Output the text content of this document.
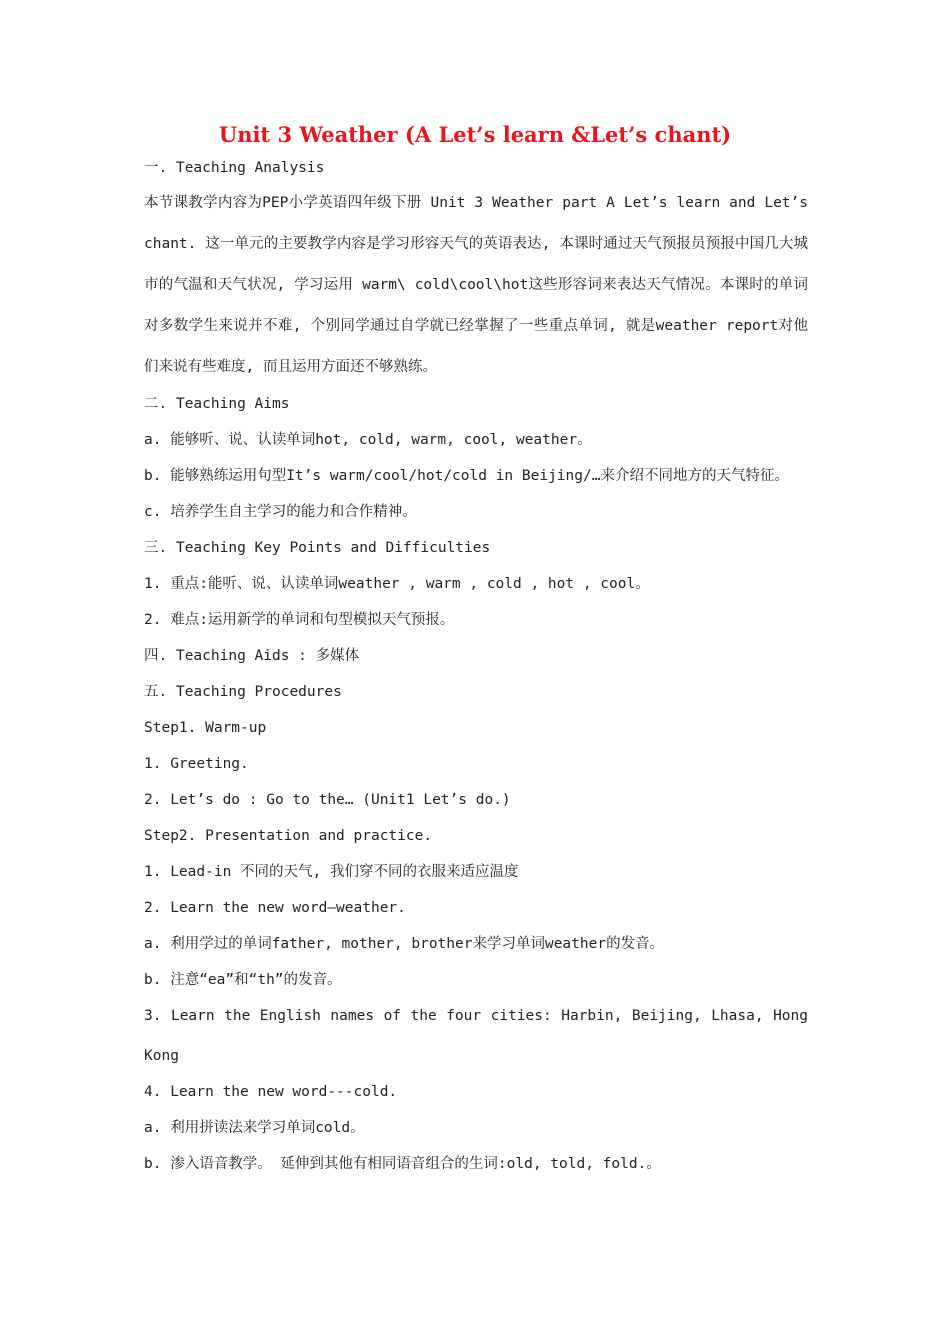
Unit 3 Weather (A Let’s learn &Let’s chant)
一. Teaching Analysis
本节课教学内容为PEP小学英语四年级下册 Unit 3 Weather part A Let’s learn and Let’s chant. 这一单元的主要教学内容是学习形容天气的英语表达, 本课时通过天气预报员预报中国几大城市的气温和天气状况, 学习运用 warm\ cold\cool\hot这些形容词来表达天气情况。本课时的单词对多数学生来说并不难, 个别同学通过自学就已经掌握了一些重点单词, 就是weather report对他们来说有些难度, 而且运用方面还不够熟练。
二. Teaching Aims
a. 能够听、说、认读单词hot, cold, warm, cool, weather。
b. 能够熟练运用句型It’s warm/cool/hot/cold in Beijing/…来介绍不同地方的天气特征。
c. 培养学生自主学习的能力和合作精神。
三. Teaching Key Points and Difficulties
1. 重点:能听、说、认读单词weather , warm , cold , hot , cool。
2. 难点:运用新学的单词和句型模拟天气预报。
四. Teaching Aids : 多媒体
五. Teaching Procedures
Step1. Warm-up
1. Greeting.
2. Let’s do : Go to the… (Unit1 Let’s do.)
Step2. Presentation and practice.
1. Lead-in 不同的天气, 我们穿不同的衣服来适应温度
2. Learn the new word—weather.
a. 利用学过的单词father, mother, brother来学习单词weather的发音。
b. 注意“ea”和“th”的发音。
3. Learn the English names of the four cities: Harbin, Beijing, Lhasa, Hong Kong
4. Learn the new word---cold.
a. 利用拼读法来学习单词cold。
b. 渗入语音教学。 延伸到其他有相同语音组合的生词:old, told, fold.。
